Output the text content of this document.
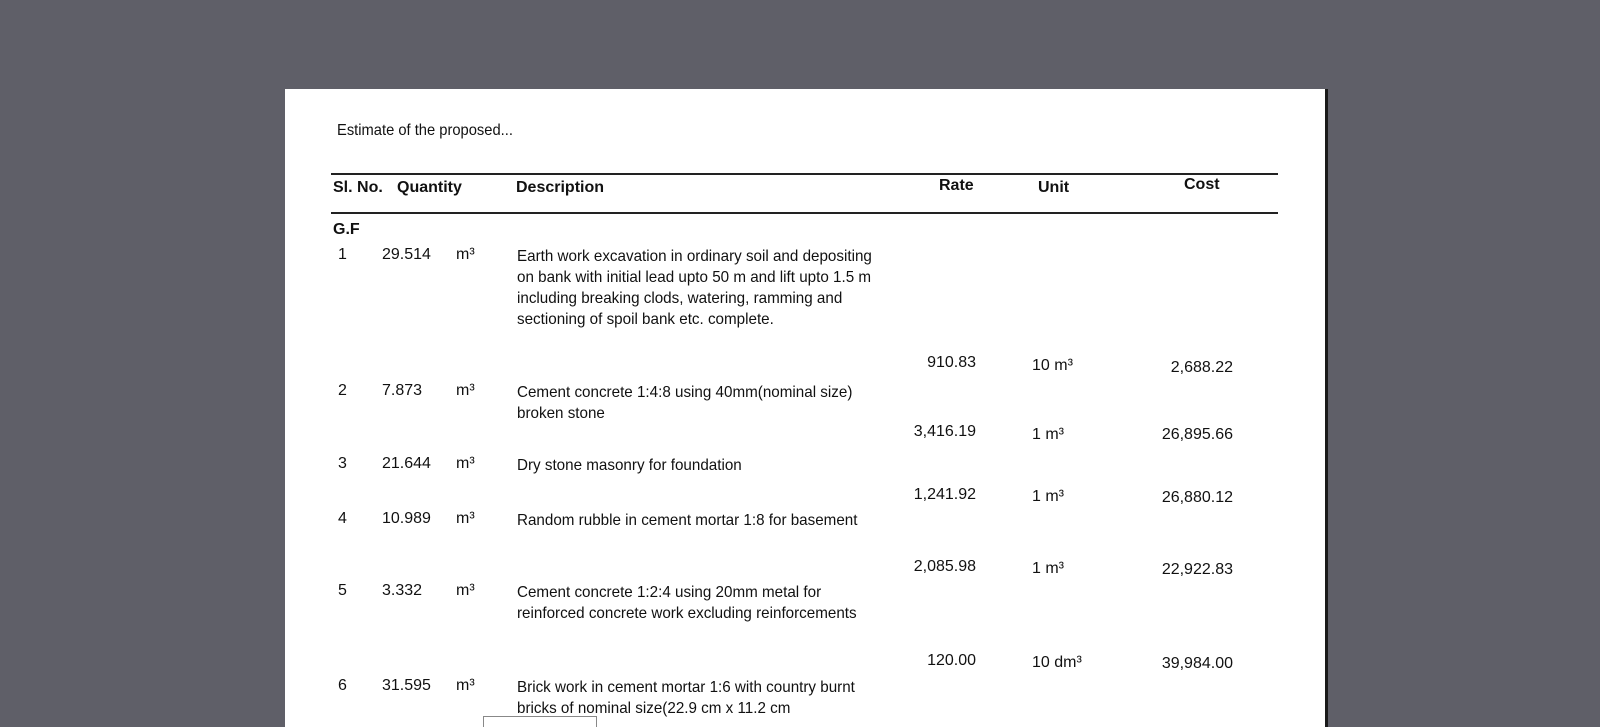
Estimate of the proposed...
Sl. No. Quantity	Description	Rate	Unit	Cost
G.F
1 29.514 m³	Earth work excavation in ordinary soil and depositing on bank with initial lead upto 50 m and lift upto 1.5 m including breaking clods, watering, ramming and sectioning of spoil bank etc. complete.
910.83	10 m³	2,688.22
2 7.873 m³	Cement concrete 1:4:8 using 40mm(nominal size) broken stone
3,416.19	1 m³	26,895.66
3 21.644 m³	Dry stone masonry for foundation
1,241.92	1 m³	26,880.12
4 10.989 m³	Random rubble in cement mortar 1:8 for basement
2,085.98	1 m³	22,922.83
5 3.332 m³	Cement concrete 1:2:4 using 20mm metal for reinforced concrete work excluding reinforcements
120.00	10 dm³	39,984.00
6 31.595 m³	Brick work in cement mortar 1:6 with country burnt bricks of nominal size(22.9 cm x 11.2 cm
